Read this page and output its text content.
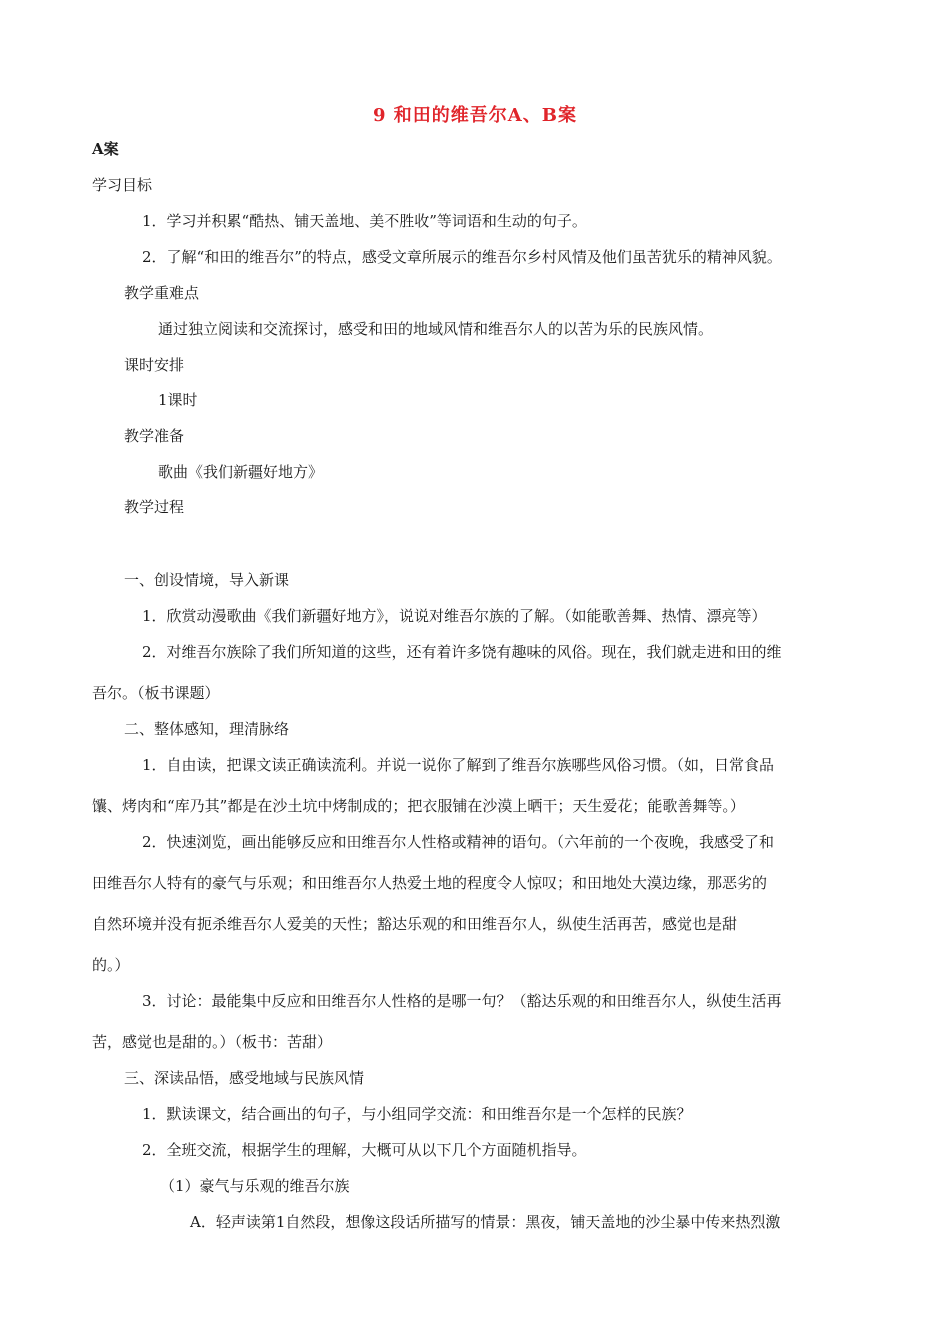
9 和田的维吾尔A、B案
A案
学习目标
1．学习并积累“酷热、铺天盖地、美不胜收”等词语和生动的句子。
2．了解“和田的维吾尔”的特点，感受文章所展示的维吾尔乡村风情及他们虽苦犹乐的精神风貌。
教学重难点
通过独立阅读和交流探讨，感受和田的地域风情和维吾尔人的以苦为乐的民族风情。
课时安排
1课时
教学准备
歌曲《我们新疆好地方》
教学过程
一、创设情境，导入新课
1．欣赏动漫歌曲《我们新疆好地方》，说说对维吾尔族的了解。（如能歌善舞、热情、漂亮等）
2．对维吾尔族除了我们所知道的这些，还有着许多饶有趣味的风俗。现在，我们就走进和田的维
吾尔。（板书课题）
二、整体感知，理清脉络
1．自由读，把课文读正确读流利。并说一说你了解到了维吾尔族哪些风俗习惯。（如，日常食品
馕、烤肉和“库乃其”都是在沙土坑中烤制成的；把衣服铺在沙漠上晒干；天生爱花；能歌善舞等。）
2．快速浏览，画出能够反应和田维吾尔人性格或精神的语句。（六年前的一个夜晚，我感受了和
田维吾尔人特有的豪气与乐观；和田维吾尔人热爱土地的程度令人惊叹；和田地处大漠边缘，那恶劣的
自然环境并没有扼杀维吾尔人爱美的天性；豁达乐观的和田维吾尔人，纵使生活再苦，感觉也是甜
的。）
3．讨论：最能集中反应和田维吾尔人性格的是哪一句？（豁达乐观的和田维吾尔人，纵使生活再
苦，感觉也是甜的。）（板书：苦甜）
三、深读品悟，感受地域与民族风情
1．默读课文，结合画出的句子，与小组同学交流：和田维吾尔是一个怎样的民族？
2．全班交流，根据学生的理解，大概可从以下几个方面随机指导。
（1）豪气与乐观的维吾尔族
A．轻声读第1自然段，想像这段话所描写的情景：黑夜，铺天盖地的沙尘暴中传来热烈激
